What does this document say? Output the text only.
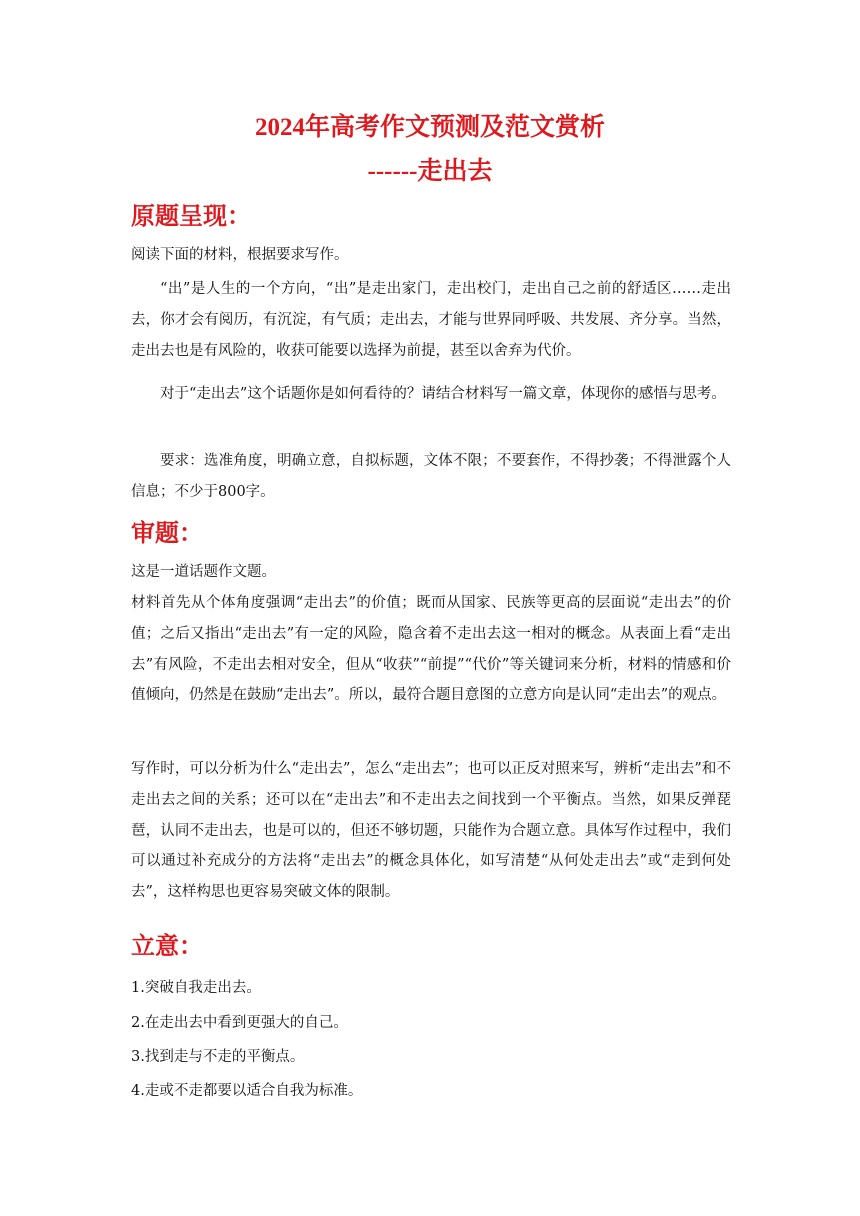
2024年高考作文预测及范文赏析
------走出去
原题呈现：

阅读下面的材料，根据要求写作。

“出”是人生的一个方向，“出”是走出家门，走出校门，走出自己之前的舒适区……走出去，你才会有阅历，有沉淀，有气质；走出去，才能与世界同呼吸、共发展、齐分享。当然，走出去也是有风险的，收获可能要以选择为前提，甚至以舍弃为代价。

对于“走出去”这个话题你是如何看待的？请结合材料写一篇文章，体现你的感悟与思考。

要求：选准角度，明确立意，自拟标题，文体不限；不要套作，不得抄袭；不得泄露个人信息；不少于800字。

审题：

这是一道话题作文题。

材料首先从个体角度强调“走出去”的价值；既而从国家、民族等更高的层面说“走出去”的价值；之后又指出“走出去”有一定的风险，隐含着不走出去这一相对的概念。从表面上看“走出去”有风险，不走出去相对安全，但从“收获”“前提”“代价”等关键词来分析，材料的情感和价值倾向，仍然是在鼓励“走出去”。所以，最符合题目意图的立意方向是认同“走出去”的观点。

写作时，可以分析为什么“走出去”，怎么“走出去”；也可以正反对照来写，辨析“走出去”和不走出去之间的关系；还可以在“走出去”和不走出去之间找到一个平衡点。当然，如果反弹琵琶，认同不走出去，也是可以的，但还不够切题，只能作为合题立意。具体写作过程中，我们可以通过补充成分的方法将“走出去”的概念具体化，如写清楚“从何处走出去”或“走到何处去”，这样构思也更容易突破文体的限制。

立意：

1.突破自我走出去。

2.在走出去中看到更强大的自己。

3.找到走与不走的平衡点。

4.走或不走都要以适合自我为标准。
